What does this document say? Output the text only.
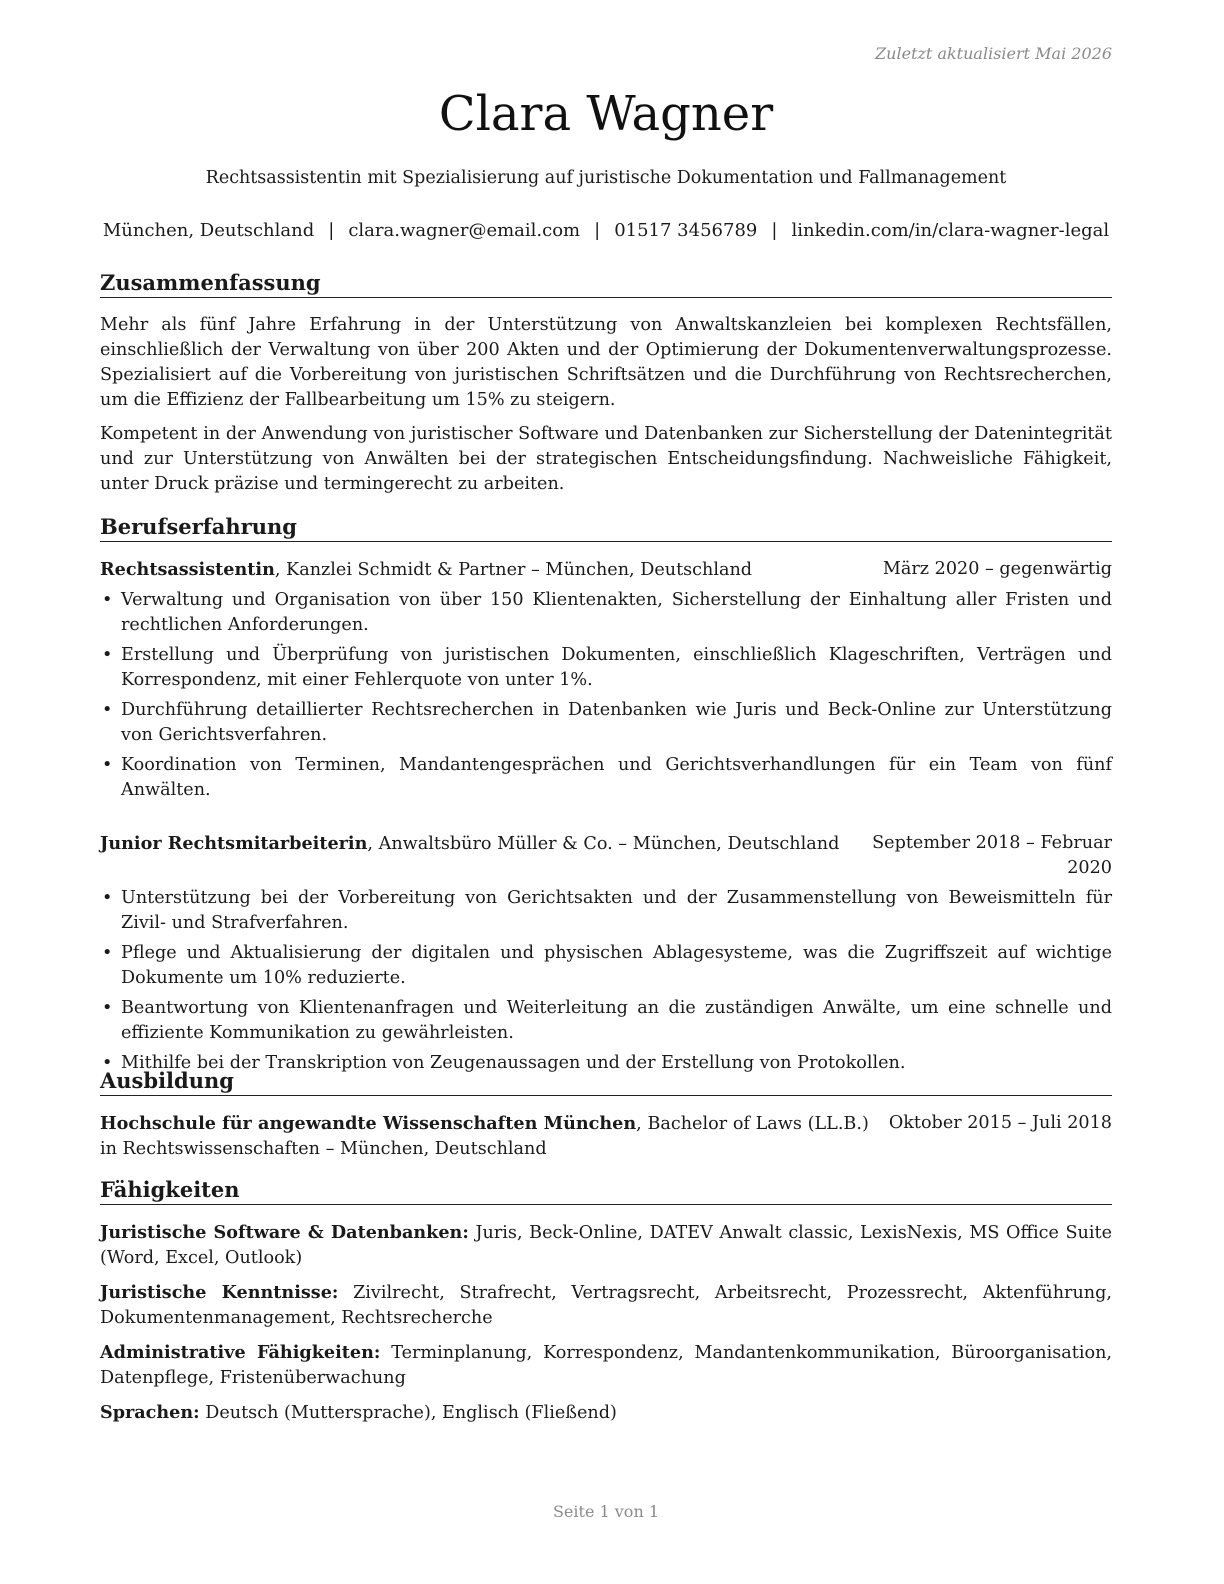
Zuletzt aktualisiert Mai 2026
Clara Wagner
Rechtsassistentin mit Spezialisierung auf juristische Dokumentation und Fallmanagement
München, Deutschland | clara.wagner@email.com | 01517 3456789 | linkedin.com/in/clara-wagner-legal
Zusammenfassung

Mehr als fünf Jahre Erfahrung in der Unterstützung von Anwaltskanzleien bei komplexen Rechtsfällen, einschließlich der Verwaltung von über 200 Akten und der Optimierung der Dokumentenverwaltungsprozesse. Spezialisiert auf die Vorbereitung von juristischen Schriftsätzen und die Durchführung von Rechtsrecherchen, um die Effizienz der Fallbearbeitung um 15% zu steigern.

Kompetent in der Anwendung von juristischer Software und Datenbanken zur Sicherstellung der Datenintegrität und zur Unterstützung von Anwälten bei der strategischen Entscheidungsfindung. Nachweisliche Fähigkeit, unter Druck präzise und termingerecht zu arbeiten.

Berufserfahrung
Rechtsassistentin, Kanzlei Schmidt & Partner – München, Deutschland	März 2020 – gegenwärtig
• Verwaltung und Organisation von über 150 Klientenakten, Sicherstellung der Einhaltung aller Fristen und rechtlichen Anforderungen.
• Erstellung und Überprüfung von juristischen Dokumenten, einschließlich Klageschriften, Verträgen und Korrespondenz, mit einer Fehlerquote von unter 1%.
• Durchführung detaillierter Rechtsrecherchen in Datenbanken wie Juris und Beck-Online zur Unterstützung von Gerichtsverfahren.
• Koordination von Terminen, Mandantengesprächen und Gerichtsverhandlungen für ein Team von fünf Anwälten.
Junior Rechtsmitarbeiterin, Anwaltsbüro Müller & Co. – München, Deutschland	September 2018 – Februar 2020
• Unterstützung bei der Vorbereitung von Gerichtsakten und der Zusammenstellung von Beweismitteln für Zivil- und Strafverfahren.
• Pflege und Aktualisierung der digitalen und physischen Ablagesysteme, was die Zugriffszeit auf wichtige Dokumente um 10% reduzierte.
• Beantwortung von Klientenanfragen und Weiterleitung an die zuständigen Anwälte, um eine schnelle und effiziente Kommunikation zu gewährleisten.
• Mithilfe bei der Transkription von Zeugenaussagen und der Erstellung von Protokollen.
Ausbildung
Hochschule für angewandte Wissenschaften München, Bachelor of Laws (LL.B.) in Rechtswissenschaften – München, Deutschland
Oktober 2015 – Juli 2018
Fähigkeiten

Juristische Software & Datenbanken: Juris, Beck-Online, DATEV Anwalt classic, LexisNexis, MS Office Suite (Word, Excel, Outlook)

Juristische Kenntnisse: Zivilrecht, Strafrecht, Vertragsrecht, Arbeitsrecht, Prozessrecht, Aktenführung, Dokumentenmanagement, Rechtsrecherche

Administrative Fähigkeiten: Terminplanung, Korrespondenz, Mandantenkommunikation, Büroorganisation, Datenpflege, Fristenüberwachung

Sprachen: Deutsch (Muttersprache), Englisch (Fließend)

Seite 1 von 1
